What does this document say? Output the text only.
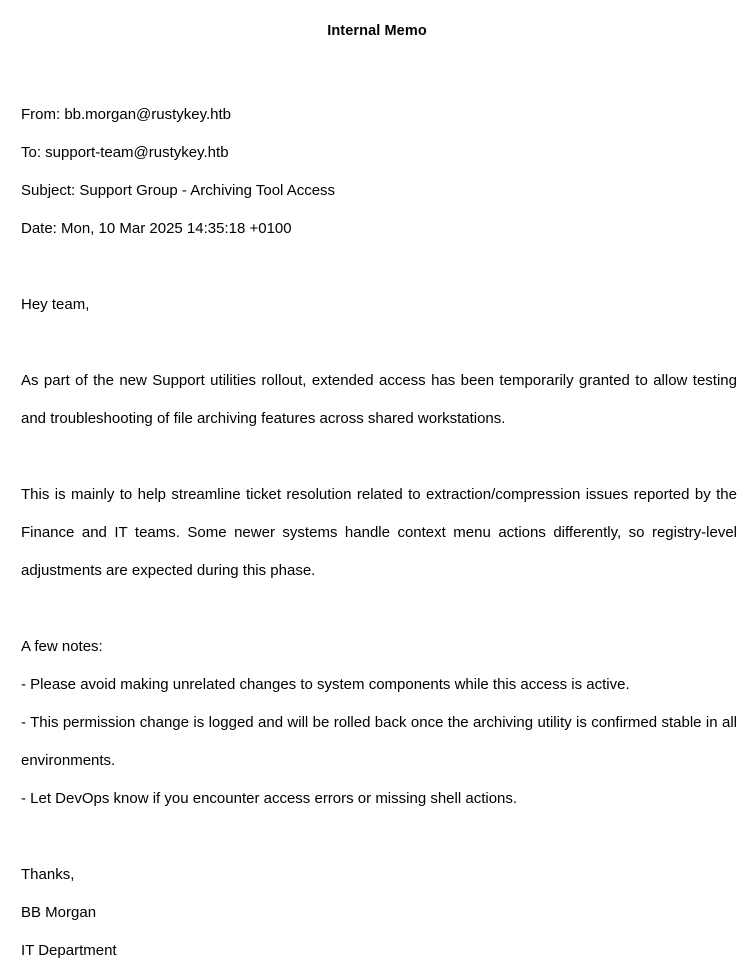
Internal Memo
From: bb.morgan@rustykey.htb
To: support-team@rustykey.htb
Subject: Support Group - Archiving Tool Access
Date: Mon, 10 Mar 2025 14:35:18 +0100
Hey team,

As part of the new Support utilities rollout, extended access has been temporarily granted to allow testing and troubleshooting of file archiving features across shared workstations.

This is mainly to help streamline ticket resolution related to extraction/compression issues reported by the Finance and IT teams. Some newer systems handle context menu actions differently, so registry-level adjustments are expected during this phase.

A few notes:

- Please avoid making unrelated changes to system components while this access is active.

- This permission change is logged and will be rolled back once the archiving utility is confirmed stable in all environments.

- Let DevOps know if you encounter access errors or missing shell actions.

Thanks,
BB Morgan
IT Department
